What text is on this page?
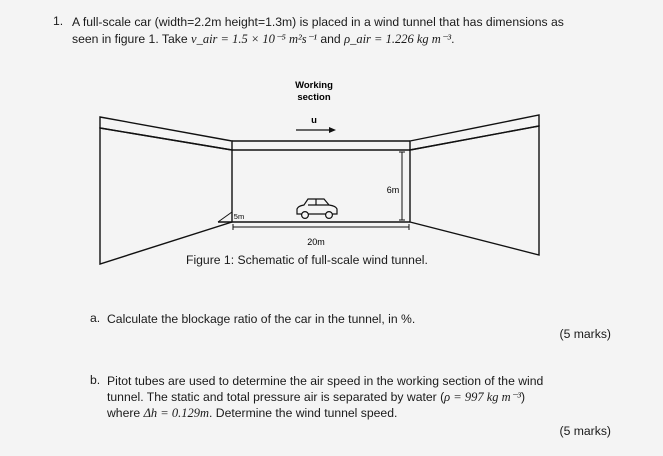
1. A full-scale car (width=2.2m height=1.3m) is placed in a wind tunnel that has dimensions as
seen in figure 1. Take v_air = 1.5 × 10⁻⁵ m²s⁻¹ and ρ_air = 1.226 kg m⁻³.
Working
section
u
6m
5m
20m
Figure 1: Schematic of full-scale wind tunnel.
a. Calculate the blockage ratio of the car in the tunnel, in %.
(5 marks)
b. Pitot tubes are used to determine the air speed in the working section of the wind
tunnel. The static and total pressure air is separated by water (ρ = 997 kg m⁻³)
where Δh = 0.129m. Determine the wind tunnel speed.
(5 marks)
